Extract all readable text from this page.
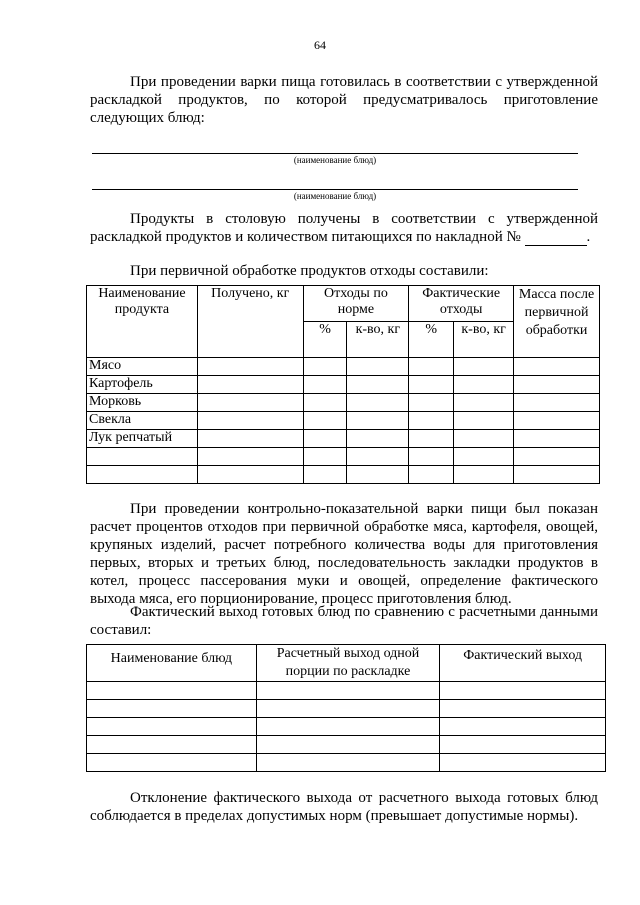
64
При проведении варки пища готовилась в соответствии с утвержденной раскладкой продуктов, по которой предусматривалось приготовление следующих блюд:
(наименование блюд)
(наименование блюд)
Продукты в столовую получены в соответствии с утвержденной раскладкой продуктов и количеством питающихся по накладной №	.
При первичной обработке продуктов отходы составили:
Наименование продукта	Получено, кг	Отходы по норме		Фактические отходы		Масса после первичной обработки
		%	к-во, кг	%	к-во, кг	
Мясо						
Картофель						
Морковь						
Свекла						
Лук репчатый						

При проведении контрольно-показательной варки пищи был показан расчет процентов отходов при первичной обработке мяса, картофеля, овощей, крупяных изделий, расчет потребного количества воды для приготовления первых, вторых и третьих блюд, последовательность закладки продуктов в котел, процесс пассерования муки и овощей, определение фактического выхода мяса, его порционирование, процесс приготовления блюд.
Фактический выход готовых блюд по сравнению с расчетными данными составил:
Наименование блюд	Расчетный выход одной порции по раскладке	Фактический выход

Отклонение фактического выхода от расчетного выхода готовых блюд соблюдается в пределах допустимых норм (превышает допустимые нормы).
